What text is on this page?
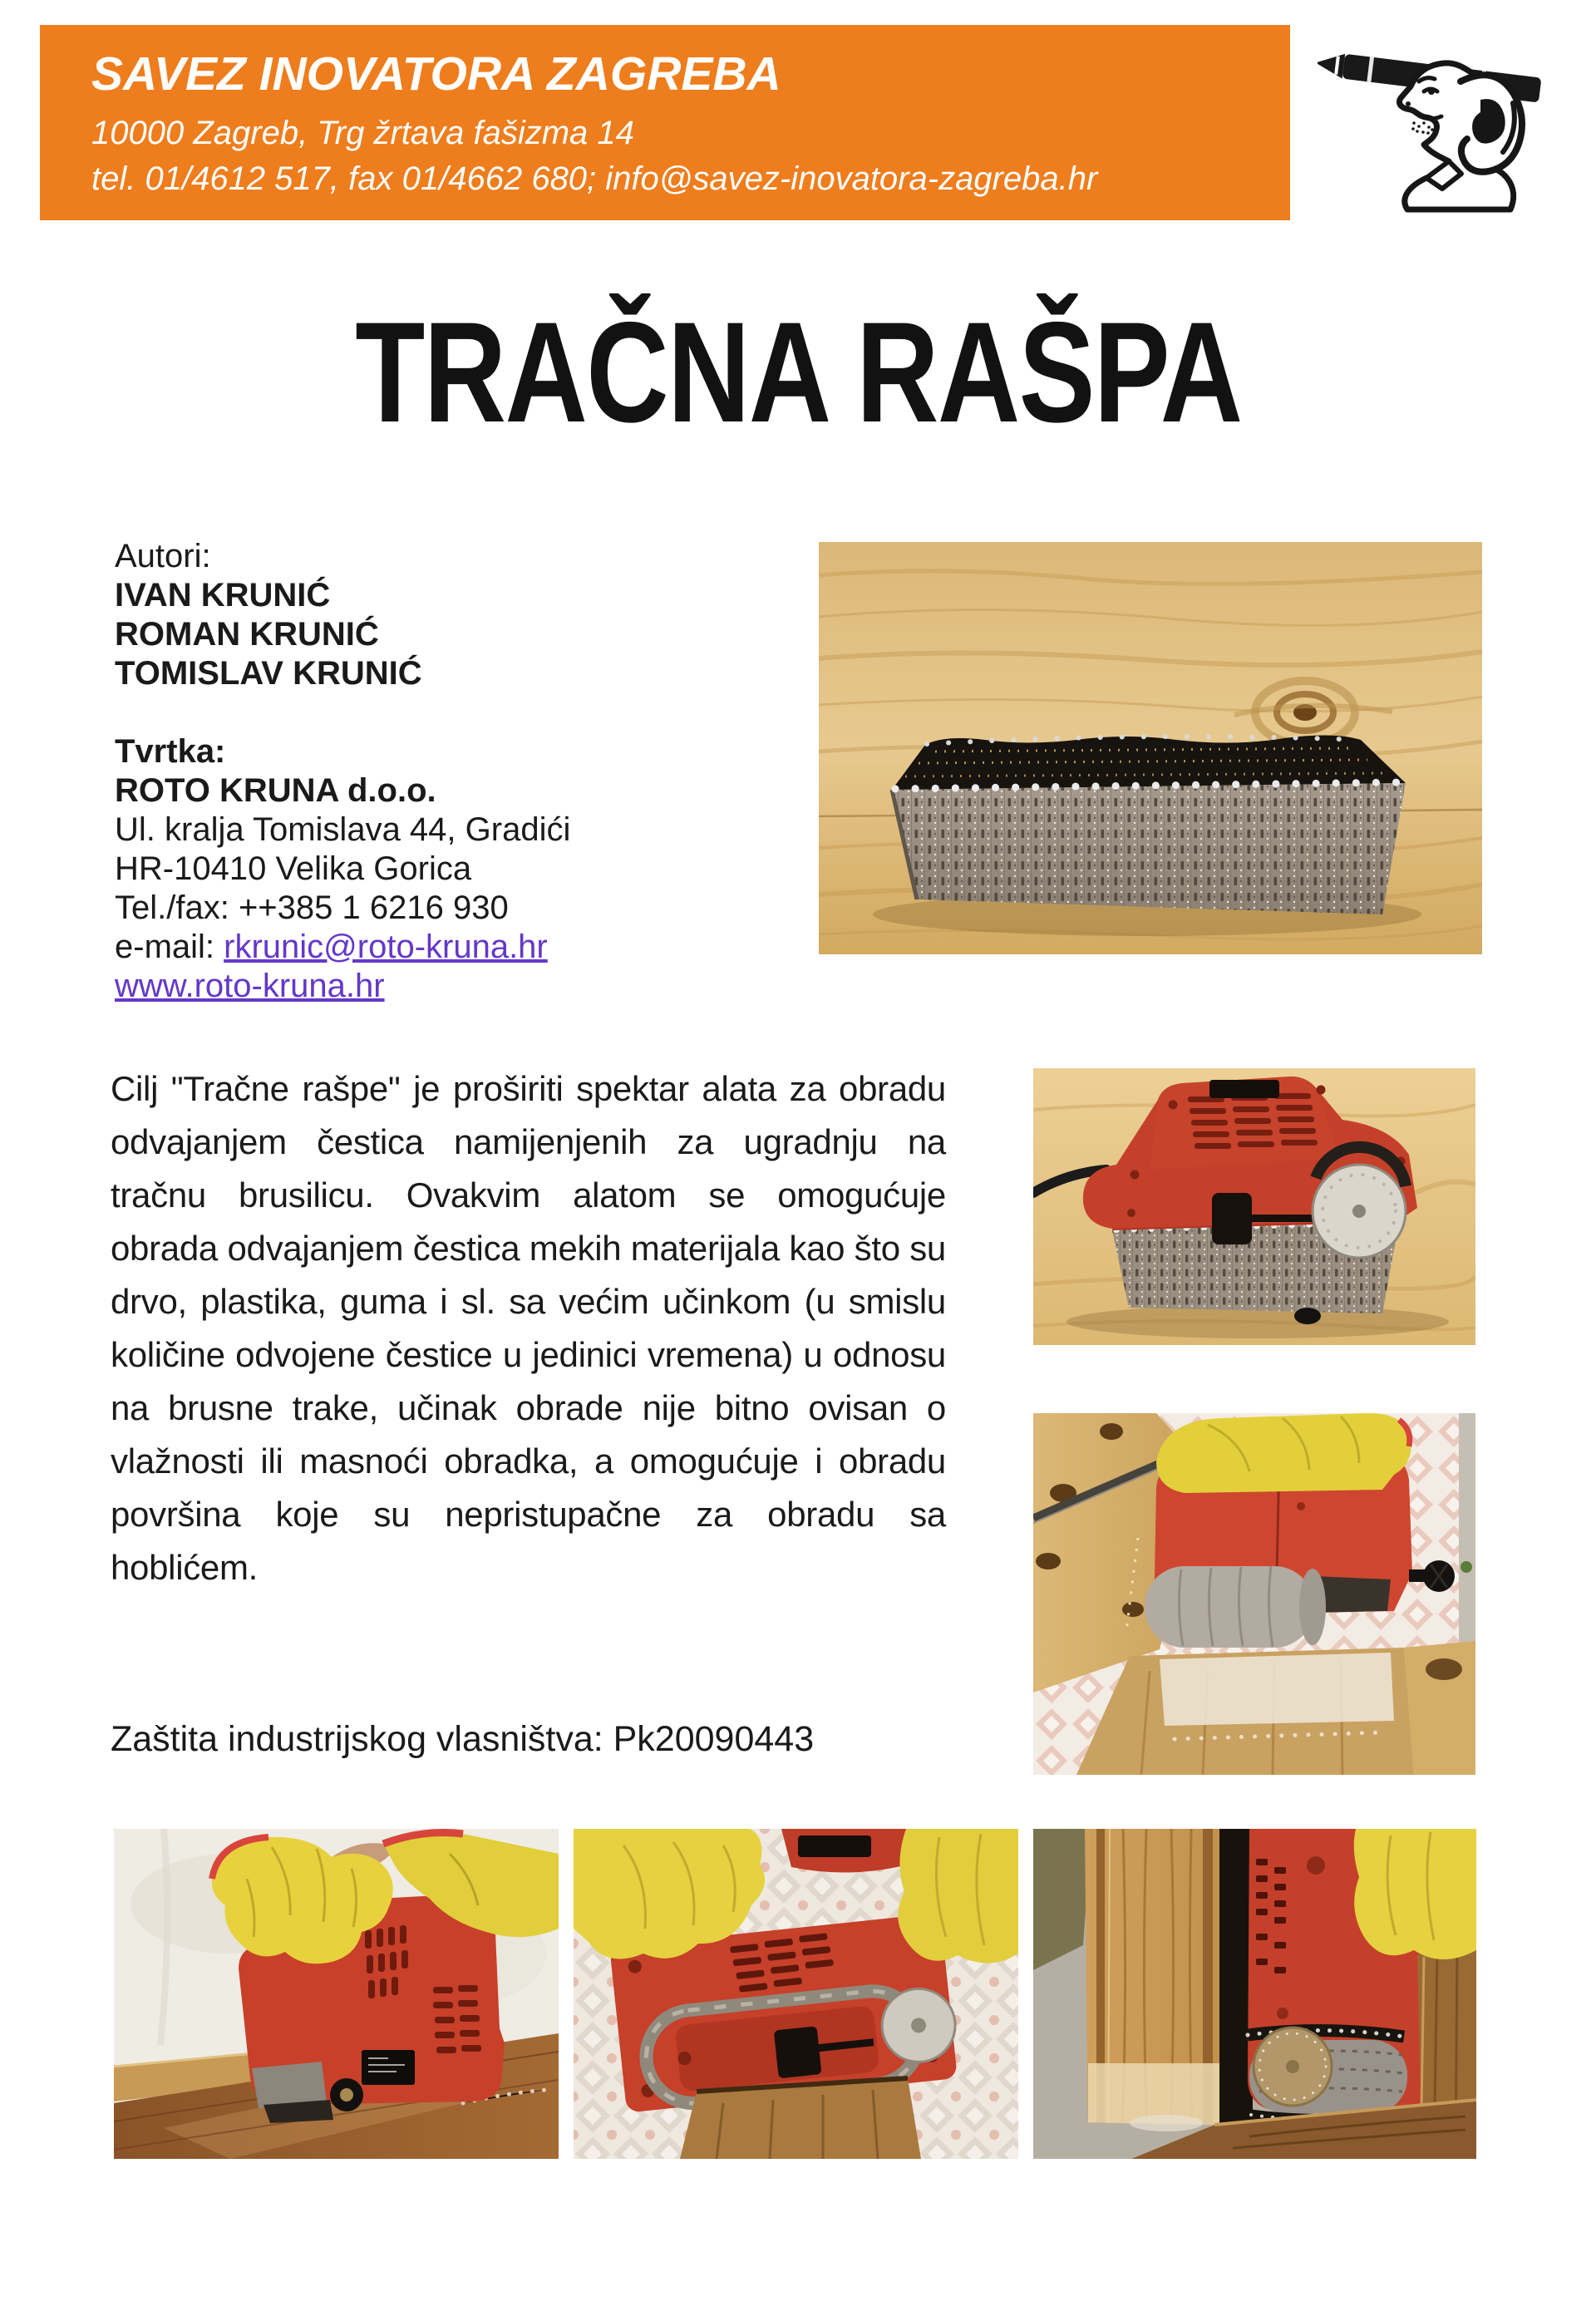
SAVEZ INOVATORA ZAGREBA
10000 Zagreb, Trg žrtava fašizma 14
tel. 01/4612 517, fax 01/4662 680; info@savez-inovatora-zagreba.hr
TRAČNA RAŠPA
Autori:
IVAN KRUNIĆ
ROMAN KRUNIĆ
TOMISLAV KRUNIĆ
Tvrtka:
ROTO KRUNA d.o.o.
Ul. kralja Tomislava 44, Gradići
HR-10410 Velika Gorica
Tel./fax: ++385 1 6216 930
e-mail: rkrunic@roto-kruna.hr
www.roto-kruna.hr

Cilj "Tračne rašpe" je proširiti spektar alata za obradu odvajanjem čestica namijenjenih za ugradnju na tračnu brusilicu. Ovakvim alatom se omogućuje obrada odvajanjem čestica mekih materijala kao što su drvo, plastika, guma i sl. sa većim učinkom (u smislu količine odvojene čestice u jedinici vremena) u odnosu na brusne trake, učinak obrade nije bitno ovisan o vlažnosti ili masnoći obradka, a omogućuje i obradu površina koje su nepristupačne za obradu sa hoblićem.

Zaštita industrijskog vlasništva: Pk20090443
